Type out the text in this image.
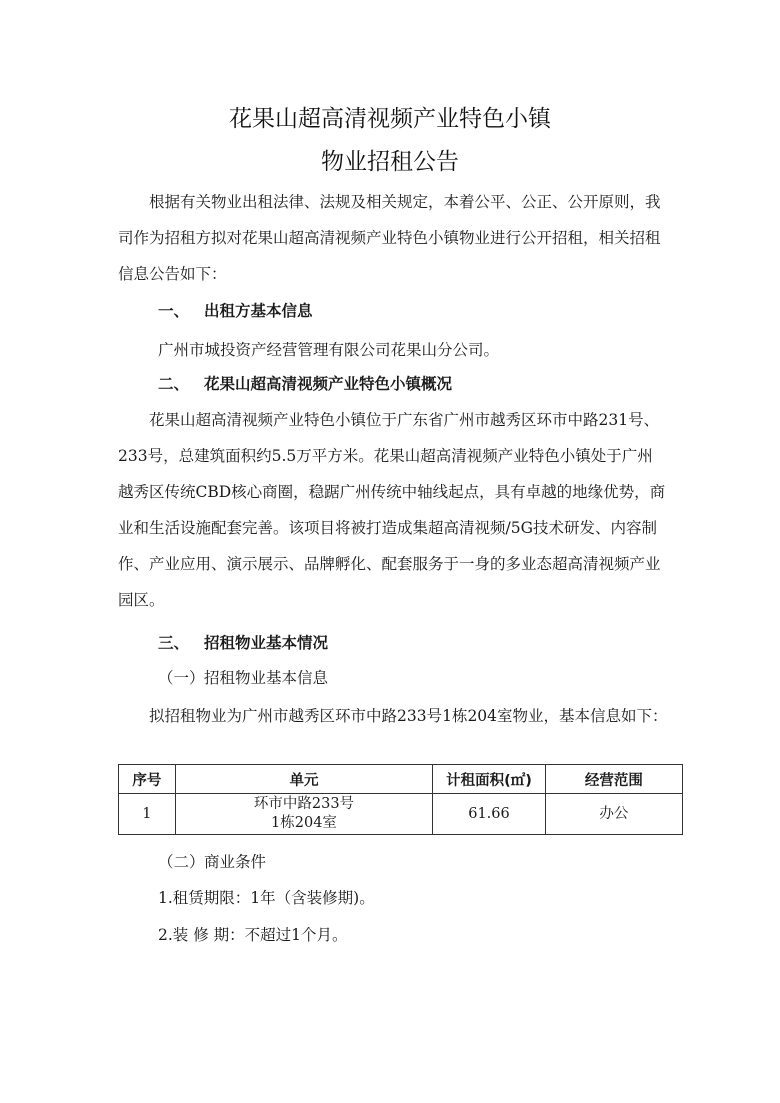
花果山超高清视频产业特色小镇
物业招租公告

根据有关物业出租法律、法规及相关规定，本着公平、公正、公开原则，我司作为招租方拟对花果山超高清视频产业特色小镇物业进行公开招租，相关招租信息公告如下：

一、 出租方基本信息
广州市城投资产经营管理有限公司花果山分公司。
二、 花果山超高清视频产业特色小镇概况

花果山超高清视频产业特色小镇位于广东省广州市越秀区环市中路231号、233号，总建筑面积约5.5万平方米。花果山超高清视频产业特色小镇处于广州越秀区传统CBD核心商圈，稳踞广州传统中轴线起点，具有卓越的地缘优势，商业和生活设施配套完善。该项目将被打造成集超高清视频/5G技术研发、内容制作、产业应用、演示展示、品牌孵化、配套服务于一身的多业态超高清视频产业园区。

三、 招租物业基本情况
（一）招租物业基本信息

拟招租物业为广州市越秀区环市中路233号1栋204室物业，基本信息如下：

序号	单元	计租面积(㎡)	经营范围
1	环市中路233号
1栋204室	61.66	办公
（二）商业条件
1.租赁期限：1年（含装修期)。
2.装 修 期：不超过1个月。
